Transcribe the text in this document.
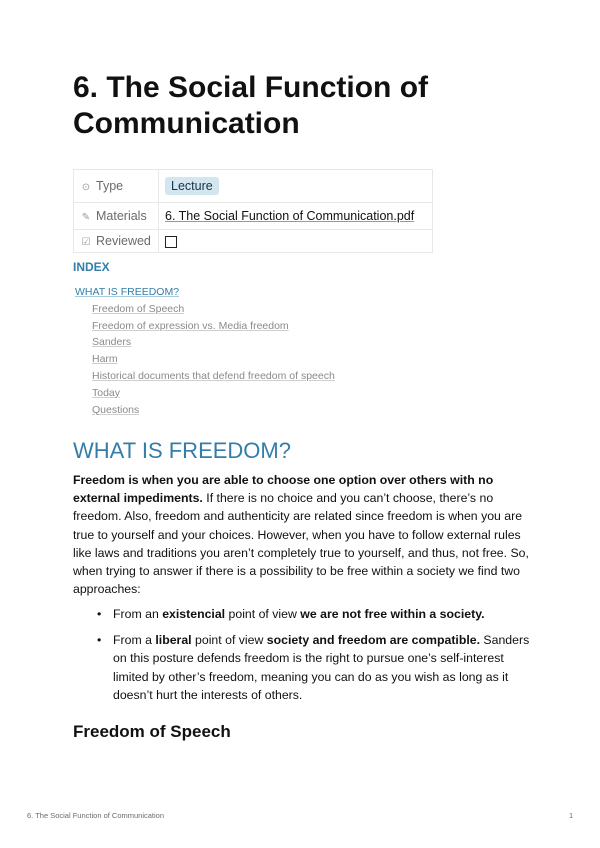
6. The Social Function of Communication
⊙ Type	Lecture
✎ Materials	6. The Social Function of Communication.pdf
☑ Reviewed	
INDEX
WHAT IS FREEDOM?
Freedom of Speech
Freedom of expression vs. Media freedom
Sanders
Harm
Historical documents that defend freedom of speech
Today
Questions
WHAT IS FREEDOM?

Freedom is when you are able to choose one option over others with no external impediments. If there is no choice and you can’t choose, there’s no freedom. Also, freedom and authenticity are related since freedom is when you are true to yourself and your choices. However, when you have to follow external rules like laws and traditions you aren’t completely true to yourself, and thus, not free. So, when trying to answer if there is a possibility to be free within a society we find two approaches:

• From an existencial point of view we are not free within a society.
• From a liberal point of view society and freedom are compatible. Sanders on this posture defends freedom is the right to pursue one’s self-interest limited by other’s freedom, meaning you can do as you wish as long as it doesn’t hurt the interests of others.
Freedom of Speech
6. The Social Function of Communication	1
